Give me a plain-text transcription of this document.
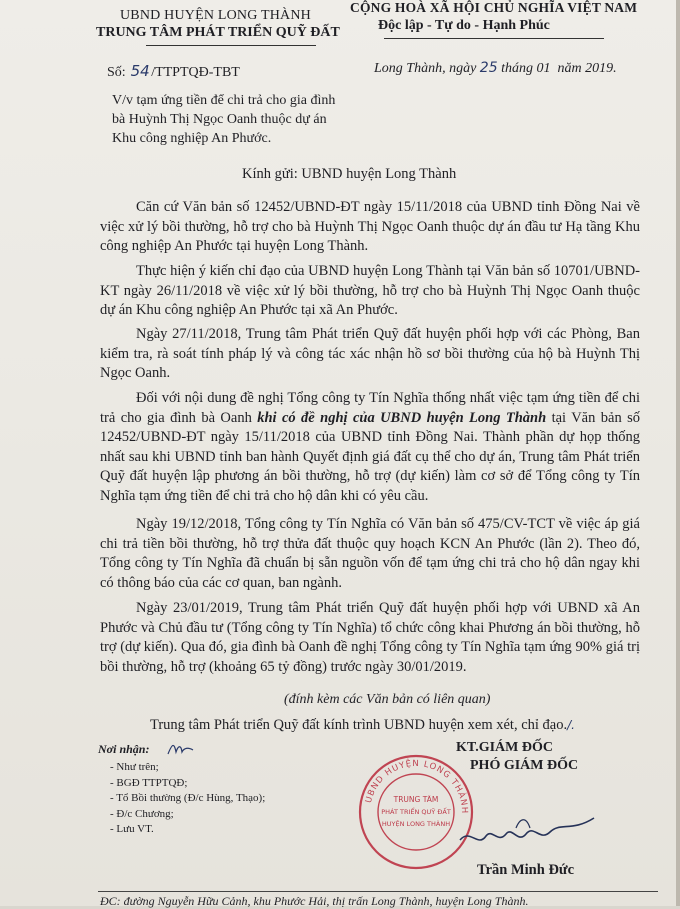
UBND HUYỆN LONG THÀNH
TRUNG TÂM PHÁT TRIỂN QUỸ ĐẤT
CỘNG HOÀ XÃ HỘI CHỦ NGHĨA VIỆT NAM
Độc lập - Tự do - Hạnh Phúc
Số: 54/TTPTQĐ-TBT	Long Thành, ngày 25 tháng 01 năm 2019.
V/v tạm ứng tiền để chi trả cho gia đình bà Huỳnh Thị Ngọc Oanh thuộc dự án Khu công nghiệp An Phước.
Kính gửi: UBND huyện Long Thành
Căn cứ Văn bản số 12452/UBND-ĐT ngày 15/11/2018 của UBND tỉnh Đồng Nai về việc xử lý bồi thường, hỗ trợ cho bà Huỳnh Thị Ngọc Oanh thuộc dự án đầu tư Hạ tầng Khu công nghiệp An Phước tại huyện Long Thành.
Thực hiện ý kiến chỉ đạo của UBND huyện Long Thành tại Văn bản số 10701/UBND-KT ngày 26/11/2018 về việc xử lý bồi thường, hỗ trợ cho bà Huỳnh Thị Ngọc Oanh thuộc dự án Khu công nghiệp An Phước tại xã An Phước.
Ngày 27/11/2018, Trung tâm Phát triển Quỹ đất huyện phối hợp với các Phòng, Ban kiểm tra, rà soát tính pháp lý và công tác xác nhận hồ sơ bồi thường của hộ bà Huỳnh Thị Ngọc Oanh.
Đối với nội dung đề nghị Tổng công ty Tín Nghĩa thống nhất việc tạm ứng tiền để chi trả cho gia đình bà Oanh khi có đề nghị của UBND huyện Long Thành tại Văn bản số 12452/UBND-ĐT ngày 15/11/2018 của UBND tỉnh Đồng Nai. Thành phần dự họp thống nhất sau khi UBND tỉnh ban hành Quyết định giá đất cụ thể cho dự án, Trung tâm Phát triển Quỹ đất huyện lập phương án bồi thường, hỗ trợ (dự kiến) làm cơ sở để Tổng công ty Tín Nghĩa tạm ứng tiền để chi trả cho hộ dân khi có yêu cầu.
Ngày 19/12/2018, Tổng công ty Tín Nghĩa có Văn bản số 475/CV-TCT về việc áp giá chi trả tiền bồi thường, hỗ trợ thửa đất thuộc quy hoạch KCN An Phước (lần 2). Theo đó, Tổng công ty Tín Nghĩa đã chuẩn bị sẵn nguồn vốn để tạm ứng chi trả cho hộ dân ngay khi có thông báo của các cơ quan, ban ngành.
Ngày 23/01/2019, Trung tâm Phát triển Quỹ đất huyện phối hợp với UBND xã An Phước và Chủ đầu tư (Tổng công ty Tín Nghĩa) tổ chức công khai Phương án bồi thường, hỗ trợ (dự kiến). Qua đó, gia đình bà Oanh đề nghị Tổng công ty Tín Nghĩa tạm ứng 90% giá trị bồi thường, hỗ trợ (khoảng 65 tỷ đồng) trước ngày 30/01/2019.
(đính kèm các Văn bản có liên quan)
Trung tâm Phát triển Quỹ đất kính trình UBND huyện xem xét, chỉ đạo./.
Nơi nhận:
- Như trên;
- BGĐ TTPTQĐ;
- Tổ Bồi thường (Đ/c Hùng, Thạo);
- Đ/c Chương;
- Lưu VT.
KT.GIÁM ĐỐC
PHÓ GIÁM ĐỐC
UBND HUYỆN LONG THÀNH
TRUNG TÂM
PHÁT TRIỂN QUỸ ĐẤT
HUYỆN LONG THÀNH
Trần Minh Đức
ĐC: đường Nguyễn Hữu Cảnh, khu Phước Hải, thị trấn Long Thành, huyện Long Thành.
